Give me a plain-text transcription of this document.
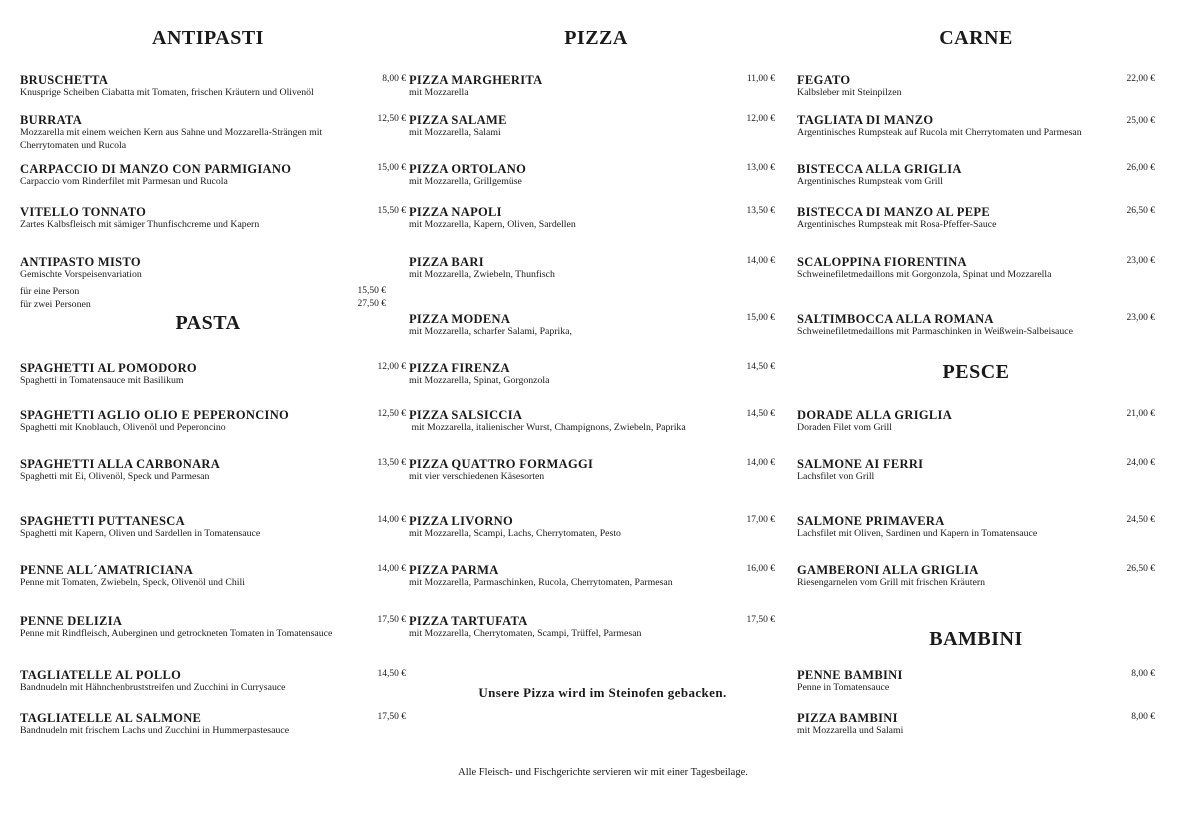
ANTIPASTI
BRUSCHETTA
Knusprige Scheiben Ciabatta mit Tomaten, frischen Kräutern und Olivenöl
8,00 €
BURRATA
Mozzarella mit einem weichen Kern aus Sahne und Mozzarella-Strängen mit Cherrytomaten und Rucola
12,50 €
CARPACCIO DI MANZO CON PARMIGIANO
Carpaccio vom Rinderfilet mit Parmesan und Rucola
15,00 €
VITELLO TONNATO
Zartes Kalbsfleisch mit sämiger Thunfischcreme und Kapern
15,50 €
ANTIPASTO MISTO
Gemischte Vorspeisenvariation
für eine Person	15,50 €
für zwei Personen	27,50 €
PASTA
SPAGHETTI AL POMODORO
Spaghetti in Tomatensauce mit Basilikum
12,00 €
SPAGHETTI AGLIO OLIO E PEPERONCINO
Spaghetti mit Knoblauch, Olivenöl und Peperoncino
12,50 €
SPAGHETTI ALLA CARBONARA
Spaghetti mit Ei, Olivenöl, Speck und Parmesan
13,50 €
SPAGHETTI PUTTANESCA
Spaghetti mit Kapern, Oliven und Sardellen in Tomatensauce
14,00 €
PENNE ALL´AMATRICIANA
Penne mit Tomaten, Zwiebeln, Speck, Olivenöl und Chili
14,00 €
PENNE DELIZIA
Penne mit Rindfleisch, Auberginen und getrockneten Tomaten in Tomatensauce
17,50 €
TAGLIATELLE AL POLLO
Bandnudeln mit Hähnchenbruststreifen und Zucchini in Currysauce
14,50 €
TAGLIATELLE AL SALMONE
Bandnudeln mit frischem Lachs und Zucchini in Hummerpastesauce
17,50 €
PIZZA
PIZZA MARGHERITA
mit Mozzarella
11,00 €
PIZZA SALAME
mit Mozzarella, Salami
12,00 €
PIZZA ORTOLANO
mit Mozzarella, Grillgemüse
13,00 €
PIZZA NAPOLI
mit Mozzarella, Kapern, Oliven, Sardellen
13,50 €
PIZZA BARI
mit Mozzarella, Zwiebeln, Thunfisch
14,00 €
PIZZA MODENA
mit Mozzarella, scharfer Salami, Paprika,
15,00 €
PIZZA FIRENZA
mit Mozzarella, Spinat, Gorgonzola
14,50 €
PIZZA SALSICCIA
mit Mozzarella, italienischer Wurst, Champignons, Zwiebeln, Paprika
14,50 €
PIZZA QUATTRO FORMAGGI
mit vier verschiedenen Käsesorten
14,00 €
PIZZA LIVORNO
mit Mozzarella, Scampi, Lachs, Cherrytomaten, Pesto
17,00 €
PIZZA PARMA
mit Mozzarella, Parmaschinken, Rucola, Cherrytomaten, Parmesan
16,00 €
PIZZA TARTUFATA
mit Mozzarella, Cherrytomaten, Scampi, Trüffel, Parmesan
17,50 €
Unsere Pizza wird im Steinofen gebacken.
CARNE
FEGATO
Kalbsleber mit Steinpilzen
22,00 €
TAGLIATA DI MANZO
Argentinisches Rumpsteak auf Rucola mit Cherrytomaten und Parmesan
25,00 €
BISTECCA ALLA GRIGLIA
Argentinisches Rumpsteak vom Grill
26,00 €
BISTECCA DI MANZO AL PEPE
Argentinisches Rumpsteak mit Rosa-Pfeffer-Sauce
26,50 €
SCALOPPINA FIORENTINA
Schweinefiletmedaillons mit Gorgonzola, Spinat und Mozzarella
23,00 €
SALTIMBOCCA ALLA ROMANA
Schweinefiletmedaillons mit Parmaschinken in Weißwein-Salbeisauce
23,00 €
PESCE
DORADE ALLA GRIGLIA
Doraden Filet vom Grill
21,00 €
SALMONE AI FERRI
Lachsfilet von Grill
24,00 €
SALMONE PRIMAVERA
Lachsfilet mit Oliven, Sardinen und Kapern in Tomatensauce
24,50 €
GAMBERONI ALLA GRIGLIA
Riesengarnelen vom Grill mit frischen Kräutern
26,50 €
BAMBINI
PENNE BAMBINI
Penne in Tomatensauce
8,00 €
PIZZA BAMBINI
mit Mozzarella und Salami
8,00 €
Alle Fleisch- und Fischgerichte servieren wir mit einer Tagesbeilage.
